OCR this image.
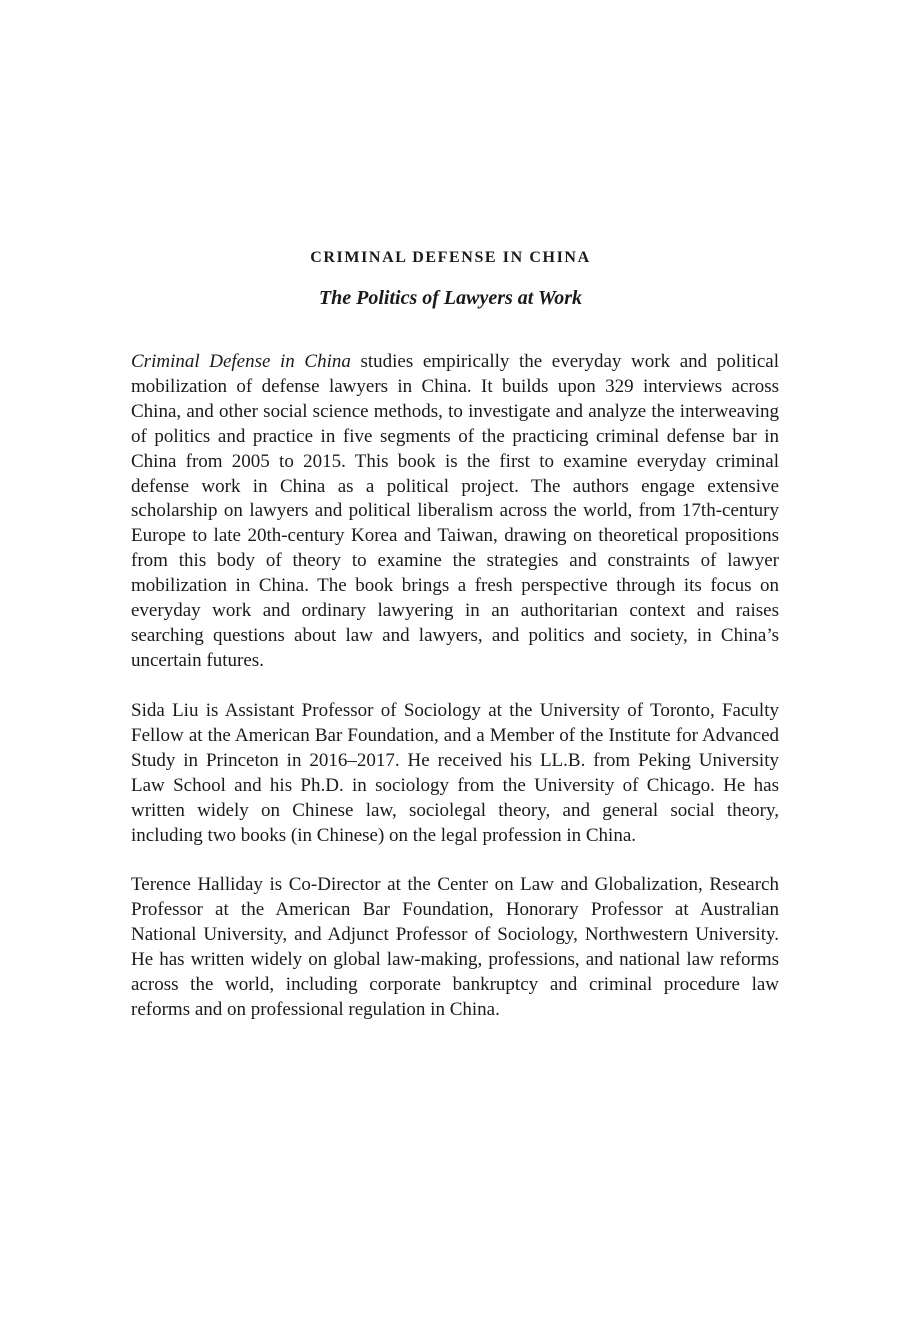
CRIMINAL DEFENSE IN CHINA
The Politics of Lawyers at Work

Criminal Defense in China studies empirically the everyday work and political mobilization of defense lawyers in China. It builds upon 329 interviews across China, and other social science methods, to investigate and analyze the interweaving of politics and practice in five segments of the practicing criminal defense bar in China from 2005 to 2015. This book is the first to examine everyday criminal defense work in China as a political project. The authors engage extensive scholarship on lawyers and political liberalism across the world, from 17th-century Europe to late 20th-century Korea and Taiwan, drawing on theoretical propositions from this body of theory to examine the strategies and constraints of lawyer mobilization in China. The book brings a fresh perspective through its focus on everyday work and ordinary lawyering in an authoritarian context and raises searching questions about law and lawyers, and politics and society, in China’s uncertain futures.

Sida Liu is Assistant Professor of Sociology at the University of Toronto, Faculty Fellow at the American Bar Foundation, and a Member of the Institute for Advanced Study in Princeton in 2016–2017. He received his LL.B. from Peking University Law School and his Ph.D. in sociology from the University of Chicago. He has written widely on Chinese law, sociolegal theory, and general social theory, including two books (in Chinese) on the legal profession in China.

Terence Halliday is Co-Director at the Center on Law and Globalization, Research Professor at the American Bar Foundation, Honorary Professor at Australian National University, and Adjunct Professor of Sociology, Northwestern University. He has written widely on global law-making, professions, and national law reforms across the world, including corporate bankruptcy and criminal procedure law reforms and on professional regulation in China.
